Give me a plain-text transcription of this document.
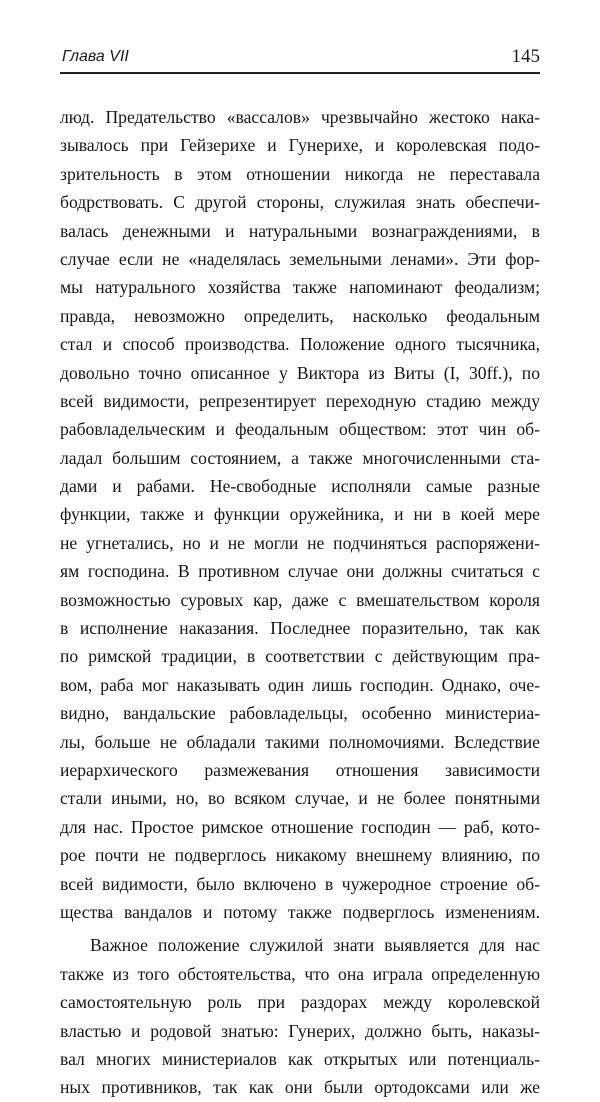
Глава VII	145
люд. Предательство «вассалов» чрезвычайно жестоко нака-
зывалось при Гейзерихе и Гунерихе, и королевская подо-
зрительность в этом отношении никогда не переставала
бодрствовать. С другой стороны, служилая знать обеспечи-
валась денежными и натуральными вознаграждениями, в
случае если не «наделялась земельными ленами». Эти фор-
мы натурального хозяйства также напоминают феодализм;
правда, невозможно определить, насколько феодальным
стал и способ производства. Положение одного тысячника,
довольно точно описанное у Виктора из Виты (I, 30ff.), по
всей видимости, репрезентирует переходную стадию между
рабовладельческим и феодальным обществом: этот чин об-
ладал большим состоянием, а также многочисленными ста-
дами и рабами. Не-свободные исполняли самые разные
функции, также и функции оружейника, и ни в коей мере
не угнетались, но и не могли не подчиняться распоряжени-
ям господина. В противном случае они должны считаться с
возможностью суровых кар, даже с вмешательством короля
в исполнение наказания. Последнее поразительно, так как
по римской традиции, в соответствии с действующим пра-
вом, раба мог наказывать один лишь господин. Однако, оче-
видно, вандальские рабовладельцы, особенно министериа-
лы, больше не обладали такими полномочиями. Вследствие
иерархического размежевания отношения зависимости
стали иными, но, во всяком случае, и не более понятными
для нас. Простое римское отношение господин — раб, кото-
рое почти не подверглось никакому внешнему влиянию, по
всей видимости, было включено в чужеродное строение об-
щества вандалов и потому также подверглось изменениям.
Важное положение служилой знати выявляется для нас
также из того обстоятельства, что она играла определенную
самостоятельную роль при раздорах между королевской
властью и родовой знатью: Гунерих, должно быть, наказы-
вал многих министериалов как открытых или потенциаль-
ных противников, так как они были ортодоксами или же
